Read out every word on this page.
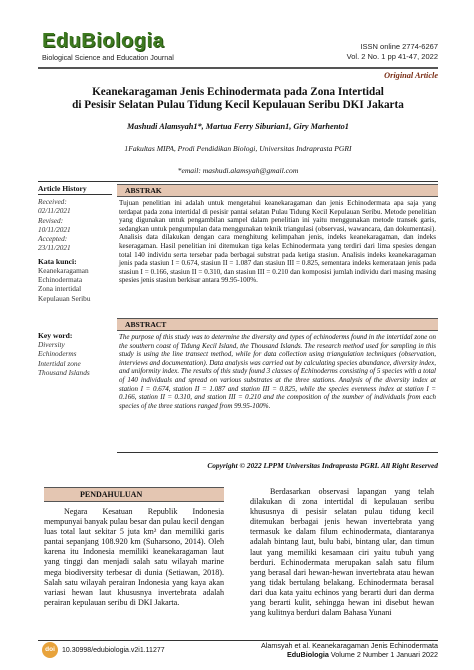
EduBiologia
Biological Science and Education Journal
ISSN online 2774-6267
Vol. 2 No. 1 pp 41-47, 2022
Original Article
Keanekaragaman Jenis Echinodermata pada Zona Intertidal
di Pesisir Selatan Pulau Tidung Kecil Kepulauan Seribu DKI Jakarta
Mashudi Alamsyah1*, Martua Ferry Siburian1, Giry Marhento1
1Fakultas MIPA, Prodi Pendidikan Biologi, Universitas Indraprasta PGRI
*email: mashudi.alamsyah@gmail.com
Article History
Received:
02/11/2021
Revised:
10/11/2021
Accepted:
23/11/2021
Kata kunci:
Keanekaragaman
Echinodermata
Zona intertidal
Kepulauan Seribu
Key word:
Diversity
Echinoderms
Intertidal zone
Thousand Islands
ABSTRAK
Tujuan penelitian ini adalah untuk mengetahui keanekaragaman dan jenis Echinodermata apa saja yang terdapat pada zona intertidal di pesisir pantai selatan Pulau Tidung Kecil Kepulauan Seribu. Metode penelitian yang digunakan untuk pengambilan sampel dalam penelitian ini yaitu menggunakan metode transek garis, sedangkan untuk pengumpulan data menggunakan teknik triangulasi (observasi, wawancara, dan dokumentasi). Analisis data dilakukan dengan cara menghitung kelimpahan jenis, indeks keanekaragaman, dan indeks keseragaman. Hasil penelitian ini ditemukan tiga kelas Echinodermata yang terdiri dari lima spesies dengan total 140 individu serta tersebar pada berbagai substrat pada ketiga stasiun. Analisis indeks keanekaragaman jenis pada stasiun I = 0.674, stasiun II = 1.087 dan stasiun III = 0.825, sementara indeks kemerataan jenis pada stasiun I = 0.166, stasiun II = 0.310, dan stasiun III = 0.210 dan komposisi jumlah individu dari masing masing spesies jenis stasiun berkisar antara 99.95-100%.
ABSTRACT
The purpose of this study was to determine the diversity and types of echinoderms found in the intertidal zone on the southern coast of Tidung Kecil Island, the Thousand Islands. The research method used for sampling in this study is using the line transect method, while for data collection using triangulation techniques (observation, interviews and documentation). Data analysis was carried out by calculating species abundance, diversity index, and uniformity index. The results of this study found 3 classes of Echinoderms consisting of 5 species with a total of 140 individuals and spread on various substrates at the three stations. Analysis of the diversity index at station I = 0.674, station II = 1.087 and station III = 0.825, while the species evenness index at station I = 0.166, station II = 0.310, and station III = 0.210 and the composition of the number of individuals from each species of the three stations ranged from 99.95-100%.
Copyright © 2022 LPPM Universitas Indraprasta PGRI. All Right Reserved
PENDAHULUAN

Negara Kesatuan Republik Indonesia mempunyai banyak pulau besar dan pulau kecil dengan luas total laut sekitar 5 juta km² dan memiliki garis pantai sepanjang 108.920 km (Suharsono, 2014). Oleh karena itu Indonesia memiliki keanekaragaman laut yang tinggi dan menjadi salah satu wilayah marine mega biodiversity terbesar di dunia (Setiawan, 2018). Salah satu wilayah perairan Indonesia yang kaya akan variasi hewan laut khususnya invertebrata adalah perairan kepulauan seribu di DKI Jakarta.

Berdasarkan observasi lapangan yang telah dilakukan di zona intertidal di kepulauan seribu khususnya di pesisir selatan pulau tidung kecil ditemukan berbagai jenis hewan invertebrata yang termasuk ke dalam filum echinodermata, diantaranya adalah bintang laut, bulu babi, bintang ular, dan timun laut yang memiliki kesamaan ciri yaitu tubuh yang berduri. Echinodermata merupakan salah satu filum yang berasal dari hewan-hewan invertebrata atau hewan yang tidak bertulang belakang. Echinodermata berasal dari dua kata yaitu echinos yang berarti duri dan derma yang berarti kulit, sehingga hewan ini disebut hewan yang kulitnya berduri dalam Bahasa Yunani

doi	10.30998/edubiologia.v2i1.11277
Alamsyah et al. Keanekaragaman Jenis Echinodermata
EduBiologia Volume 2 Number 1 Januari 2022
